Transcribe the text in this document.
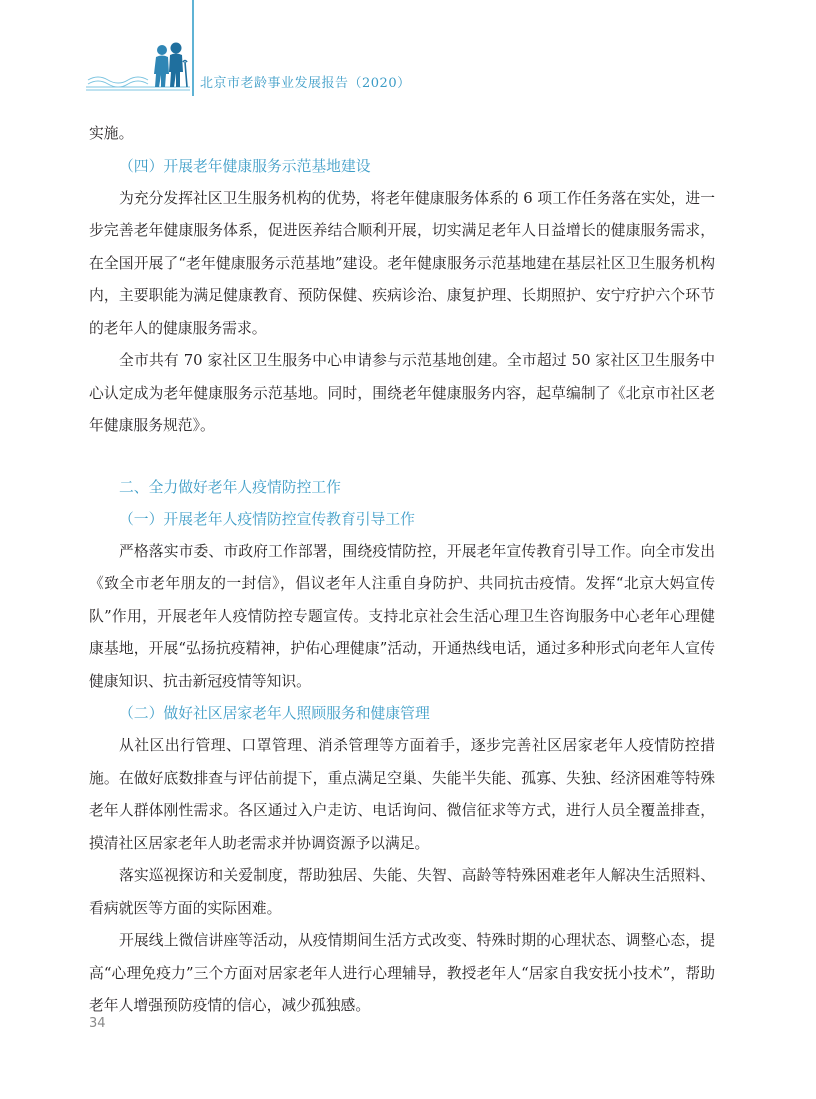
北京市老龄事业发展报告（2020）

实施。

（四）开展老年健康服务示范基地建设

为充分发挥社区卫生服务机构的优势，将老年健康服务体系的 6 项工作任务落在实处，进一步完善老年健康服务体系，促进医养结合顺利开展，切实满足老年人日益增长的健康服务需求，在全国开展了“老年健康服务示范基地”建设。老年健康服务示范基地建在基层社区卫生服务机构内，主要职能为满足健康教育、预防保健、疾病诊治、康复护理、长期照护、安宁疗护六个环节的老年人的健康服务需求。

全市共有 70 家社区卫生服务中心申请参与示范基地创建。全市超过 50 家社区卫生服务中心认定成为老年健康服务示范基地。同时，围绕老年健康服务内容，起草编制了《北京市社区老年健康服务规范》。

二、全力做好老年人疫情防控工作
（一）开展老年人疫情防控宣传教育引导工作

严格落实市委、市政府工作部署，围绕疫情防控，开展老年宣传教育引导工作。向全市发出《致全市老年朋友的一封信》，倡议老年人注重自身防护、共同抗击疫情。发挥“北京大妈宣传队”作用，开展老年人疫情防控专题宣传。支持北京社会生活心理卫生咨询服务中心老年心理健康基地，开展“弘扬抗疫精神，护佑心理健康”活动，开通热线电话，通过多种形式向老年人宣传健康知识、抗击新冠疫情等知识。

（二）做好社区居家老年人照顾服务和健康管理

从社区出行管理、口罩管理、消杀管理等方面着手，逐步完善社区居家老年人疫情防控措施。在做好底数排查与评估前提下，重点满足空巢、失能半失能、孤寡、失独、经济困难等特殊老年人群体刚性需求。各区通过入户走访、电话询问、微信征求等方式，进行人员全覆盖排查，摸清社区居家老年人助老需求并协调资源予以满足。

落实巡视探访和关爱制度，帮助独居、失能、失智、高龄等特殊困难老年人解决生活照料、看病就医等方面的实际困难。

开展线上微信讲座等活动，从疫情期间生活方式改变、特殊时期的心理状态、调整心态，提高“心理免疫力”三个方面对居家老年人进行心理辅导，教授老年人“居家自我安抚小技术”，帮助老年人增强预防疫情的信心，减少孤独感。

34
